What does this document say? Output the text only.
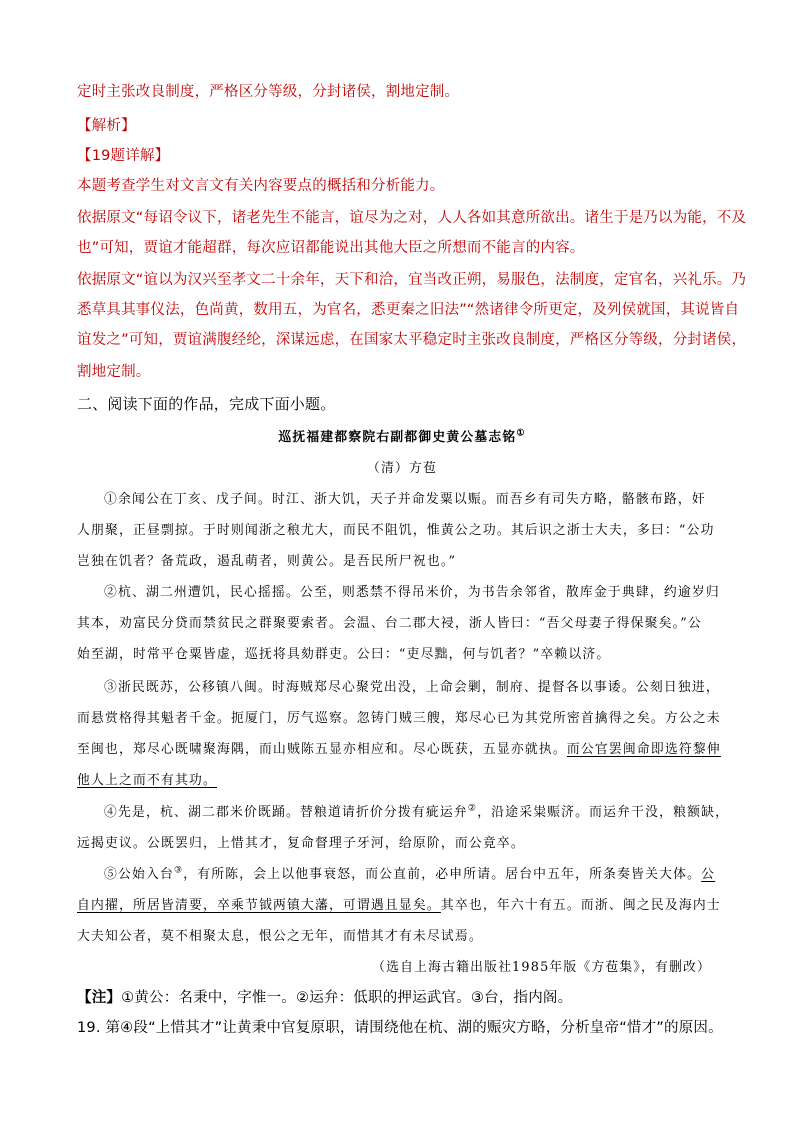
定时主张改良制度，严格区分等级，分封诸侯，割地定制。
【解析】
【19题详解】
本题考查学生对文言文有关内容要点的概括和分析能力。
依据原文“每诏令议下，诸老先生不能言，谊尽为之对，人人各如其意所欲出。诸生于是乃以为能，不及
也”可知，贾谊才能超群，每次应诏都能说出其他大臣之所想而不能言的内容。
依据原文“谊以为汉兴至孝文二十余年，天下和洽，宜当改正朔，易服色，法制度，定官名，兴礼乐。乃
悉草具其事仪法，色尚黄，数用五，为官名，悉更秦之旧法”“然诸律令所更定，及列侯就国，其说皆自
谊发之”可知，贾谊满腹经纶，深谋远虑，在国家太平稳定时主张改良制度，严格区分等级，分封诸侯，
割地定制。
二、阅读下面的作品，完成下面小题。
巡抚福建都察院右副都御史黄公墓志铭①
（清）方苞
①余闻公在丁亥、戊子间。时江、浙大饥，天子并命发粟以赈。而吾乡有司失方略，骼骸布路，奸
人朋聚，正昼剽掠。于时则闻浙之稂尤大，而民不阻饥，惟黄公之功。其后识之浙士大夫，多曰：“公功
岂独在饥者？备荒政，遏乱萌者，则黄公。是吾民所尸祝也。”
②杭、湖二州遭饥，民心摇摇。公至，则悉禁不得吊米价，为书告余邻省，散库金于典肆，约逾岁归
其本，劝富民分贷而禁贫民之群聚要索者。会温、台二郡大祲，浙人皆曰：“吾父母妻子得保聚矣。”公
始至湖，时常平仓粟皆虚，巡抚将具劾群吏。公曰：“吏尽黜，何与饥者？”卒赖以济。
③浙民既苏，公移镇八闽。时海贼郑尽心聚党出没，上命会剿，制府、提督各以事诿。公刻日独进，
而悬赏格得其魁者千金。扼厦门，厉气巡察。忽铸门贼三艘，郑尽心已为其党所密首擒得之矣。方公之未
至闽也，郑尽心既啸聚海隅，而山贼陈五显亦相应和。尽心既获，五显亦就执。而公官罢闽命即选符黎伸
他人上之而不有其功。
④先是，杭、湖二郡米价既踊。替粮道请折价分拨有疵运弁②，沿途采粜赈济。而运弁干没，粮额缺，
远揭吏议。公既罢归，上惜其才，复命督理子牙河，给原阶，而公竟卒。
⑤公始入台③，有所陈，会上以他事衰怒，而公直前，必申所请。居台中五年，所条奏皆关大体。公
自内擢，所居皆清要，卒乘节钺两镇大藩，可谓遇且显矣。其卒也，年六十有五。而浙、闽之民及海内士
大夫知公者，莫不相聚太息，恨公之无年，而惜其才有未尽试焉。
（选自上海古籍出版社1985年版《方苞集》，有删改）
【注】①黄公：名秉中，字惟一。②运弁：低职的押运武官。③台，指内阁。
19. 第④段“上惜其才”让黄秉中官复原职，请围绕他在杭、湖的赈灾方略，分析皇帝“惜才”的原因。
